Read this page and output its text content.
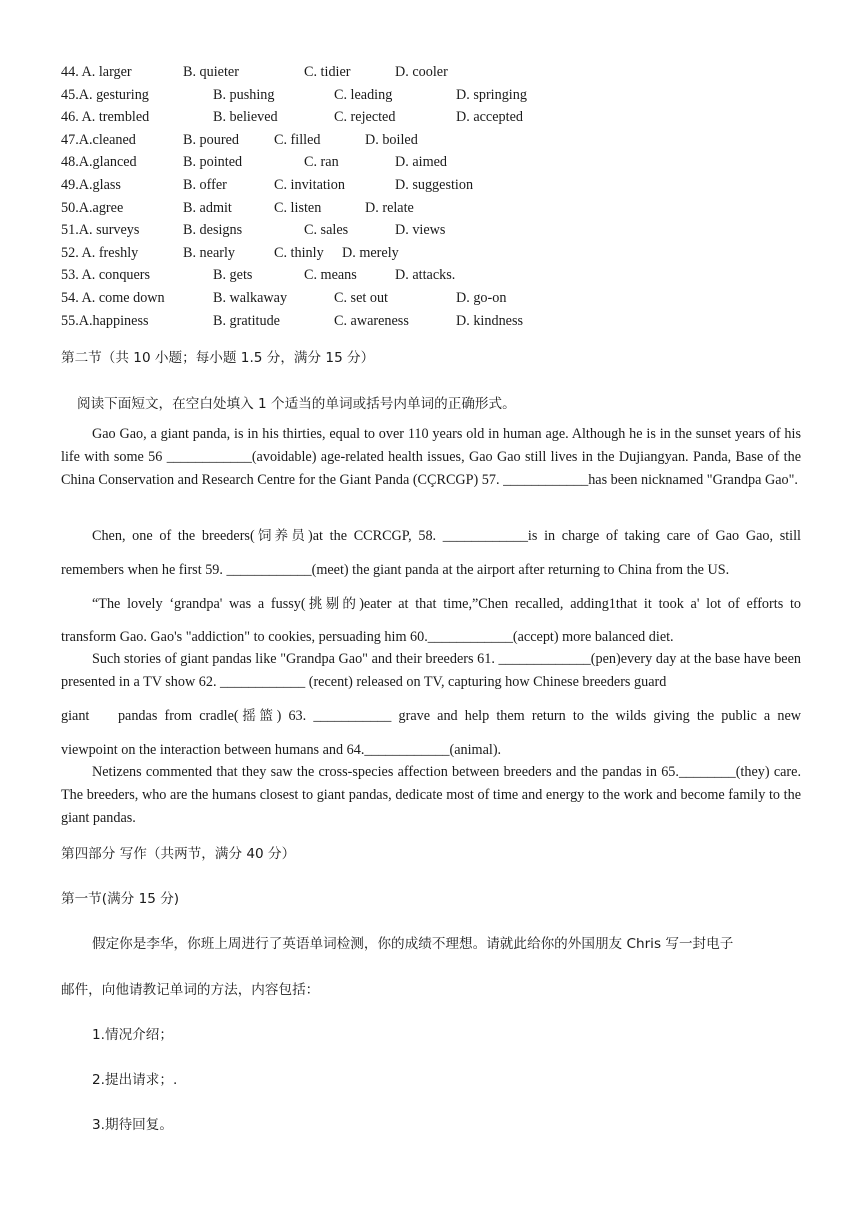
44. A. larger	B. quieter	C. tidier	D. cooler
45.A. gesturing	B. pushing	C. leading	D. springing
46. A. trembled	B. believed	C. rejected	D. accepted
47.A.cleaned	B. poured C. filled	D. boiled
48.A.glanced	B. pointed	C. ran	D. aimed
49.A.glass	B. offer	C. invitation	D. suggestion
50.A.agree	B. admit	C. listen	D. relate
51.A. surveys	B. designs	C. sales	D. views
52. A. freshly	B. nearly	C. thinly D. merely
53. A. conquers	B. gets	C. means	D. attacks.
54. A. come down	B. walkaway	C. set out	D. go-on
55.A.happiness	B. gratitude	C. awareness	D. kindness
第二节（共 10 小题；每小题 1.5 分，满分 15 分）
阅读下面短文，在空白处填入 1 个适当的单词或括号内单词的正确形式。

Gao Gao, a giant panda, is in his thirties, equal to over 110 years old in human age. Although he is in the sunset years of his life with some 56 ____________(avoidable) age-related health issues, Gao Gao still lives in the Dujiangyan. Panda, Base of the China Conservation and Research Centre for the Giant Panda (CÇRCGP) 57. ____________has been nicknamed "Grandpa Gao".

Chen, one of the breeders(饲养员)at the CCRCGP, 58. ____________is in charge of taking care of Gao Gao, still
remembers when he first 59. ____________(meet) the giant panda at the airport after returning to China from the US.
“The lovely ‘grandpa' was a fussy(挑剔的)eater at that time,”Chen recalled, adding1that it took a' lot of efforts to
transform Gao. Gao's "addiction" to cookies, persuading him 60.____________(accept) more balanced diet.

Such stories of giant pandas like "Grandpa Gao" and their breeders 61. _____________(pen)every day at the base have been presented in a TV show 62. ____________ (recent) released on TV, capturing how Chinese breeders guard

giant    pandas from cradle(摇篮) 63. ___________ grave and help them return to the wilds giving the public a new
viewpoint on the interaction between humans and 64.____________(animal).

Netizens commented that they saw the cross-species affection between breeders and the pandas in 65.________(they) care. The breeders, who are the humans closest to giant pandas, dedicate most of time and energy to the work and become family to the giant pandas.

第四部分 写作（共两节，满分 40 分）
第一节(满分 15 分)
假定你是李华，你班上周进行了英语单词检测，你的成绩不理想。请就此给你的外国朋友 Chris 写一封电子
邮件，向他请教记单词的方法，内容包括：
1.情况介绍；
2.提出请求；.
3.期待回复。
